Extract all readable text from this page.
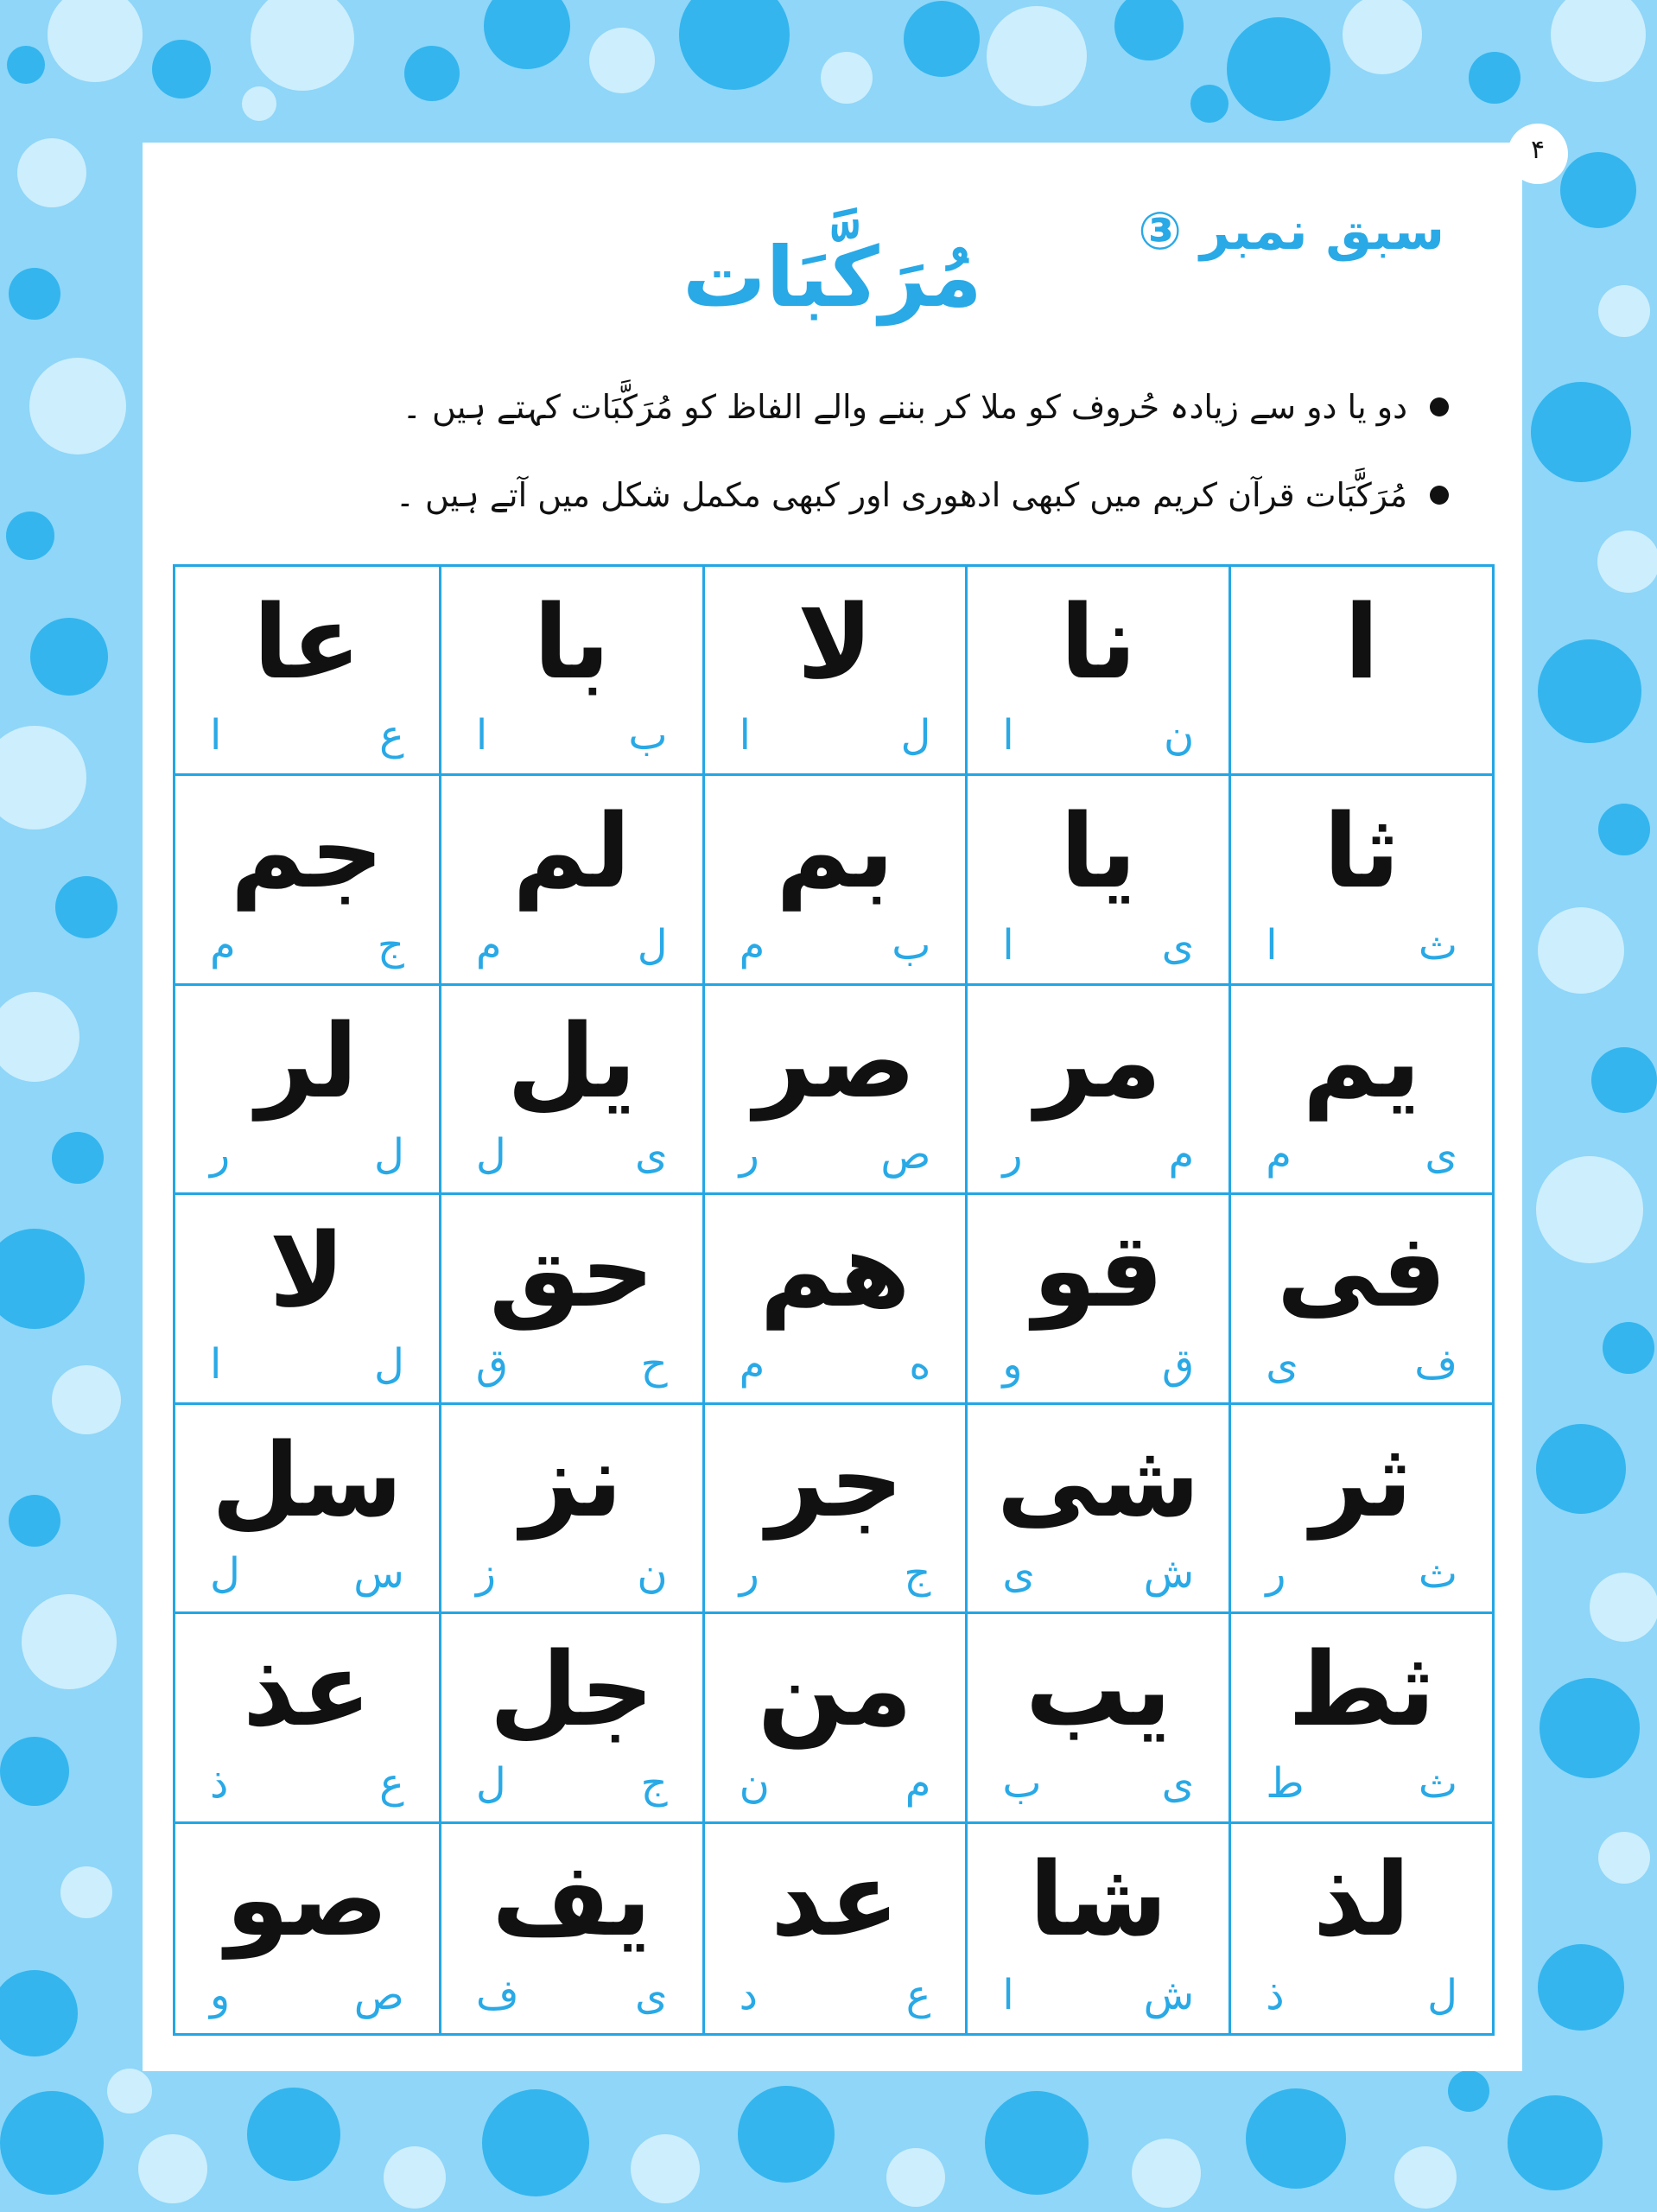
۴
سبق نمبر ③
مُرَکَّبَات
دو یا دو سے زیادہ حُروف کو ملا کر بننے والے الفاظ کو مُرَکَّبَات کہتے ہیں ۔
مُرَکَّبَات قرآن کریم میں کبھی ادھوری اور کبھی مکمل شکل میں آتے ہیں ۔
ا
نا
ن
ا
لا
ل
ا
با
ب
ا
عا
ع
ا
ثا
ث
ا
یا
ی
ا
بم
ب
م
لم
ل
م
جم
ج
م
یم
ی
م
مر
م
ر
صر
ص
ر
یل
ی
ل
لر
ل
ر
فی
ف
ی
قو
ق
و
هم
ه
م
حق
ح
ق
لا
ل
ا
ثر
ث
ر
شی
ش
ی
جر
ج
ر
نز
ن
ز
سل
س
ل
ثط
ث
ط
یب
ی
ب
من
م
ن
جل
ج
ل
عذ
ع
ذ
لذ
ل
ذ
شا
ش
ا
عد
ع
د
یف
ی
ف
صو
ص
و
